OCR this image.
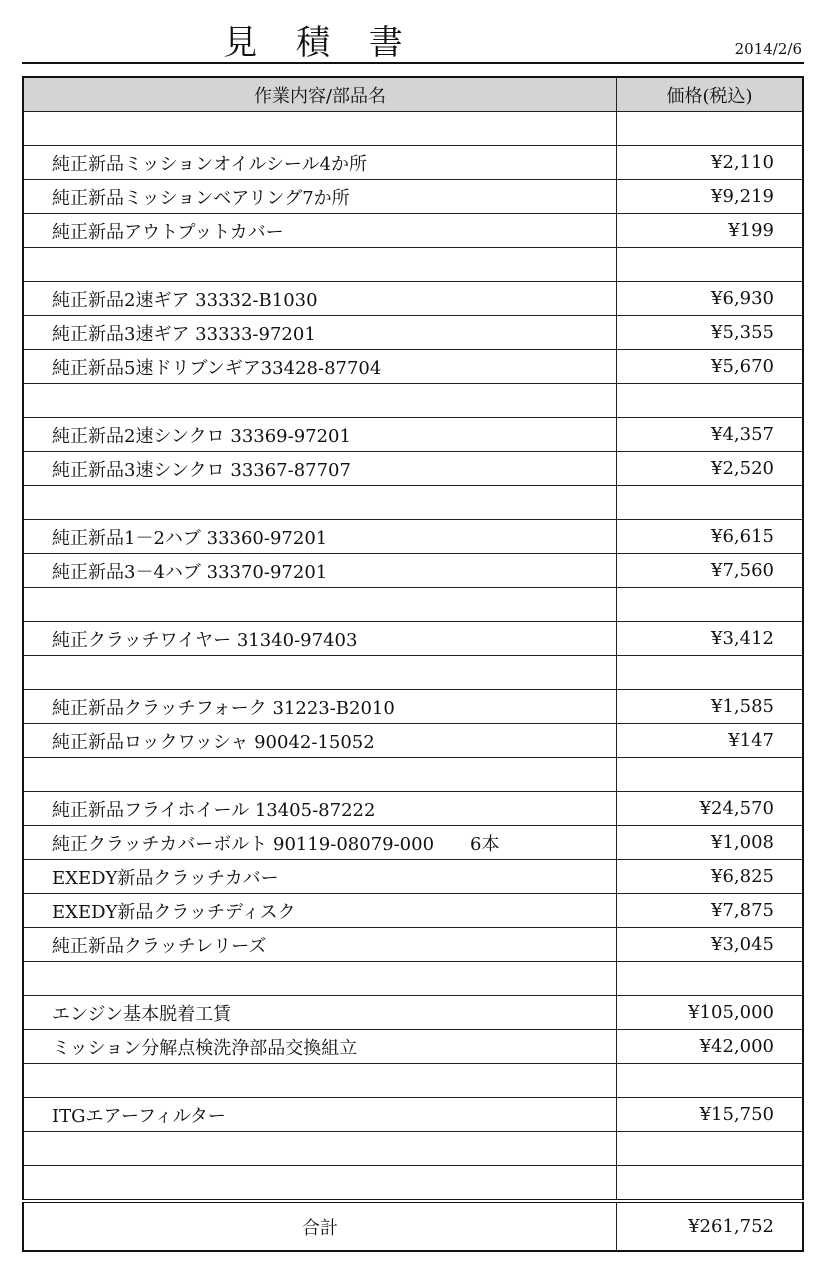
見 積 書	2014/2/6
作業内容/部品名	価格(税込)

純正新品ミッションオイルシール4か所	¥2,110
純正新品ミッションベアリング7か所	¥9,219
純正新品アウトプットカバー	¥199

純正新品2速ギア 33332-B1030	¥6,930
純正新品3速ギア 33333-97201	¥5,355
純正新品5速ドリブンギア33428-87704	¥5,670

純正新品2速シンクロ 33369-97201	¥4,357
純正新品3速シンクロ 33367-87707	¥2,520

純正新品1－2ハブ 33360-97201	¥6,615
純正新品3－4ハブ 33370-97201	¥7,560

純正クラッチワイヤー 31340-97403	¥3,412

純正新品クラッチフォーク 31223-B2010	¥1,585
純正新品ロックワッシャ 90042-15052	¥147

純正新品フライホイール 13405-87222	¥24,570
純正クラッチカバーボルト 90119-08079-000 6本	¥1,008
EXEDY新品クラッチカバー	¥6,825
EXEDY新品クラッチディスク	¥7,875
純正新品クラッチレリーズ	¥3,045

エンジン基本脱着工賃	¥105,000
ミッション分解点検洗浄部品交換組立	¥42,000

ITGエアーフィルター	¥15,750

合計	¥261,752
